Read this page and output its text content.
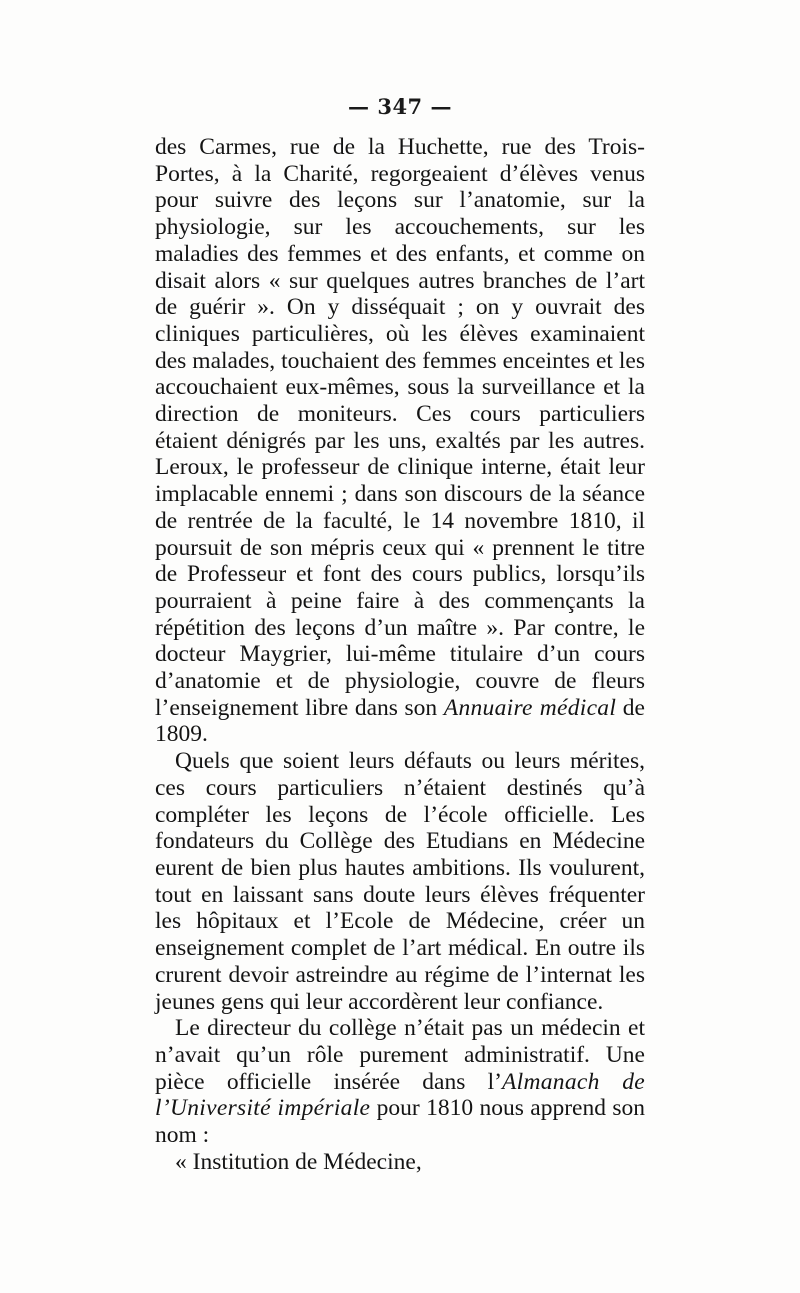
— 347 —

des Carmes, rue de la Huchette, rue des Trois-Portes, à la Charité, regorgeaient d’élèves venus pour suivre des leçons sur l’anatomie, sur la physiologie, sur les accouchements, sur les maladies des femmes et des enfants, et comme on disait alors « sur quelques autres branches de l’art de guérir ». On y disséquait ; on y ouvrait des cliniques particulières, où les élèves examinaient des malades, touchaient des femmes enceintes et les accouchaient eux-mêmes, sous la surveillance et la direction de moniteurs. Ces cours particuliers étaient dénigrés par les uns, exaltés par les autres. Leroux, le professeur de clinique interne, était leur implacable ennemi ; dans son discours de la séance de rentrée de la faculté, le 14 novembre 1810, il poursuit de son mépris ceux qui « prennent le titre de Professeur et font des cours publics, lorsqu’ils pourraient à peine faire à des commençants la répétition des leçons d’un maître ». Par contre, le docteur Maygrier, lui-même titulaire d’un cours d’anatomie et de physiologie, couvre de fleurs l’enseignement libre dans son Annuaire médical de 1809.

Quels que soient leurs défauts ou leurs mérites, ces cours particuliers n’étaient destinés qu’à compléter les leçons de l’école officielle. Les fondateurs du Collège des Etudians en Médecine eurent de bien plus hautes ambitions. Ils voulurent, tout en laissant sans doute leurs élèves fréquenter les hôpitaux et l’Ecole de Médecine, créer un enseignement complet de l’art médical. En outre ils crurent devoir astreindre au régime de l’internat les jeunes gens qui leur accordèrent leur confiance.

Le directeur du collège n’était pas un médecin et n’avait qu’un rôle purement administratif. Une pièce officielle insérée dans l’Almanach de l’Université impériale pour 1810 nous apprend son nom :

« Institution de Médecine,
